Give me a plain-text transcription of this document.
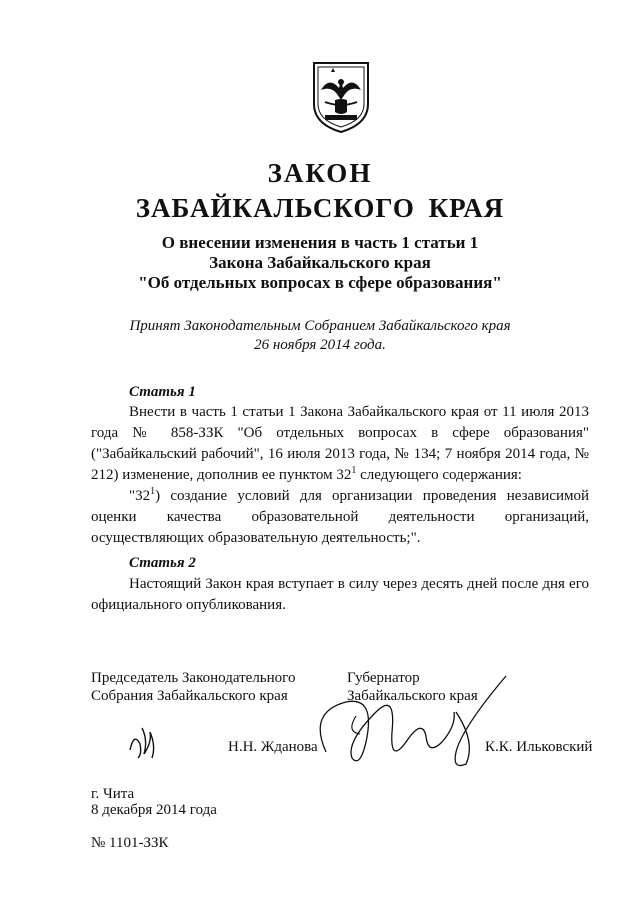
ЗАКОН
ЗАБАЙКАЛЬСКОГО КРАЯ
О внесении изменения в часть 1 статьи 1
Закона Забайкальского края
"Об отдельных вопросах в сфере образования"
Принят Законодательным Собранием Забайкальского края
26 ноября 2014 года.
Статья 1

Внести в часть 1 статьи 1 Закона Забайкальского края от 11 июля 2013 года № 858-ЗЗК "Об отдельных вопросах в сфере образования" ("Забайкальский рабочий", 16 июля 2013 года, № 134; 7 ноября 2014 года, № 212) изменение, дополнив ее пунктом $32^1$ следующего содержания:

"$32^1$) создание условий для организации проведения независимой оценки качества образовательной деятельности организаций, осуществляющих образовательную деятельность;".

Статья 2

Настоящий Закон края вступает в силу через десять дней после дня его официального опубликования.

Председатель Законодательного
Собрания Забайкальского края
Губернатор
Забайкальского края
Н.Н. Жданова	К.К. Ильковский
г. Чита
8 декабря 2014 года
№ 1101-ЗЗК
